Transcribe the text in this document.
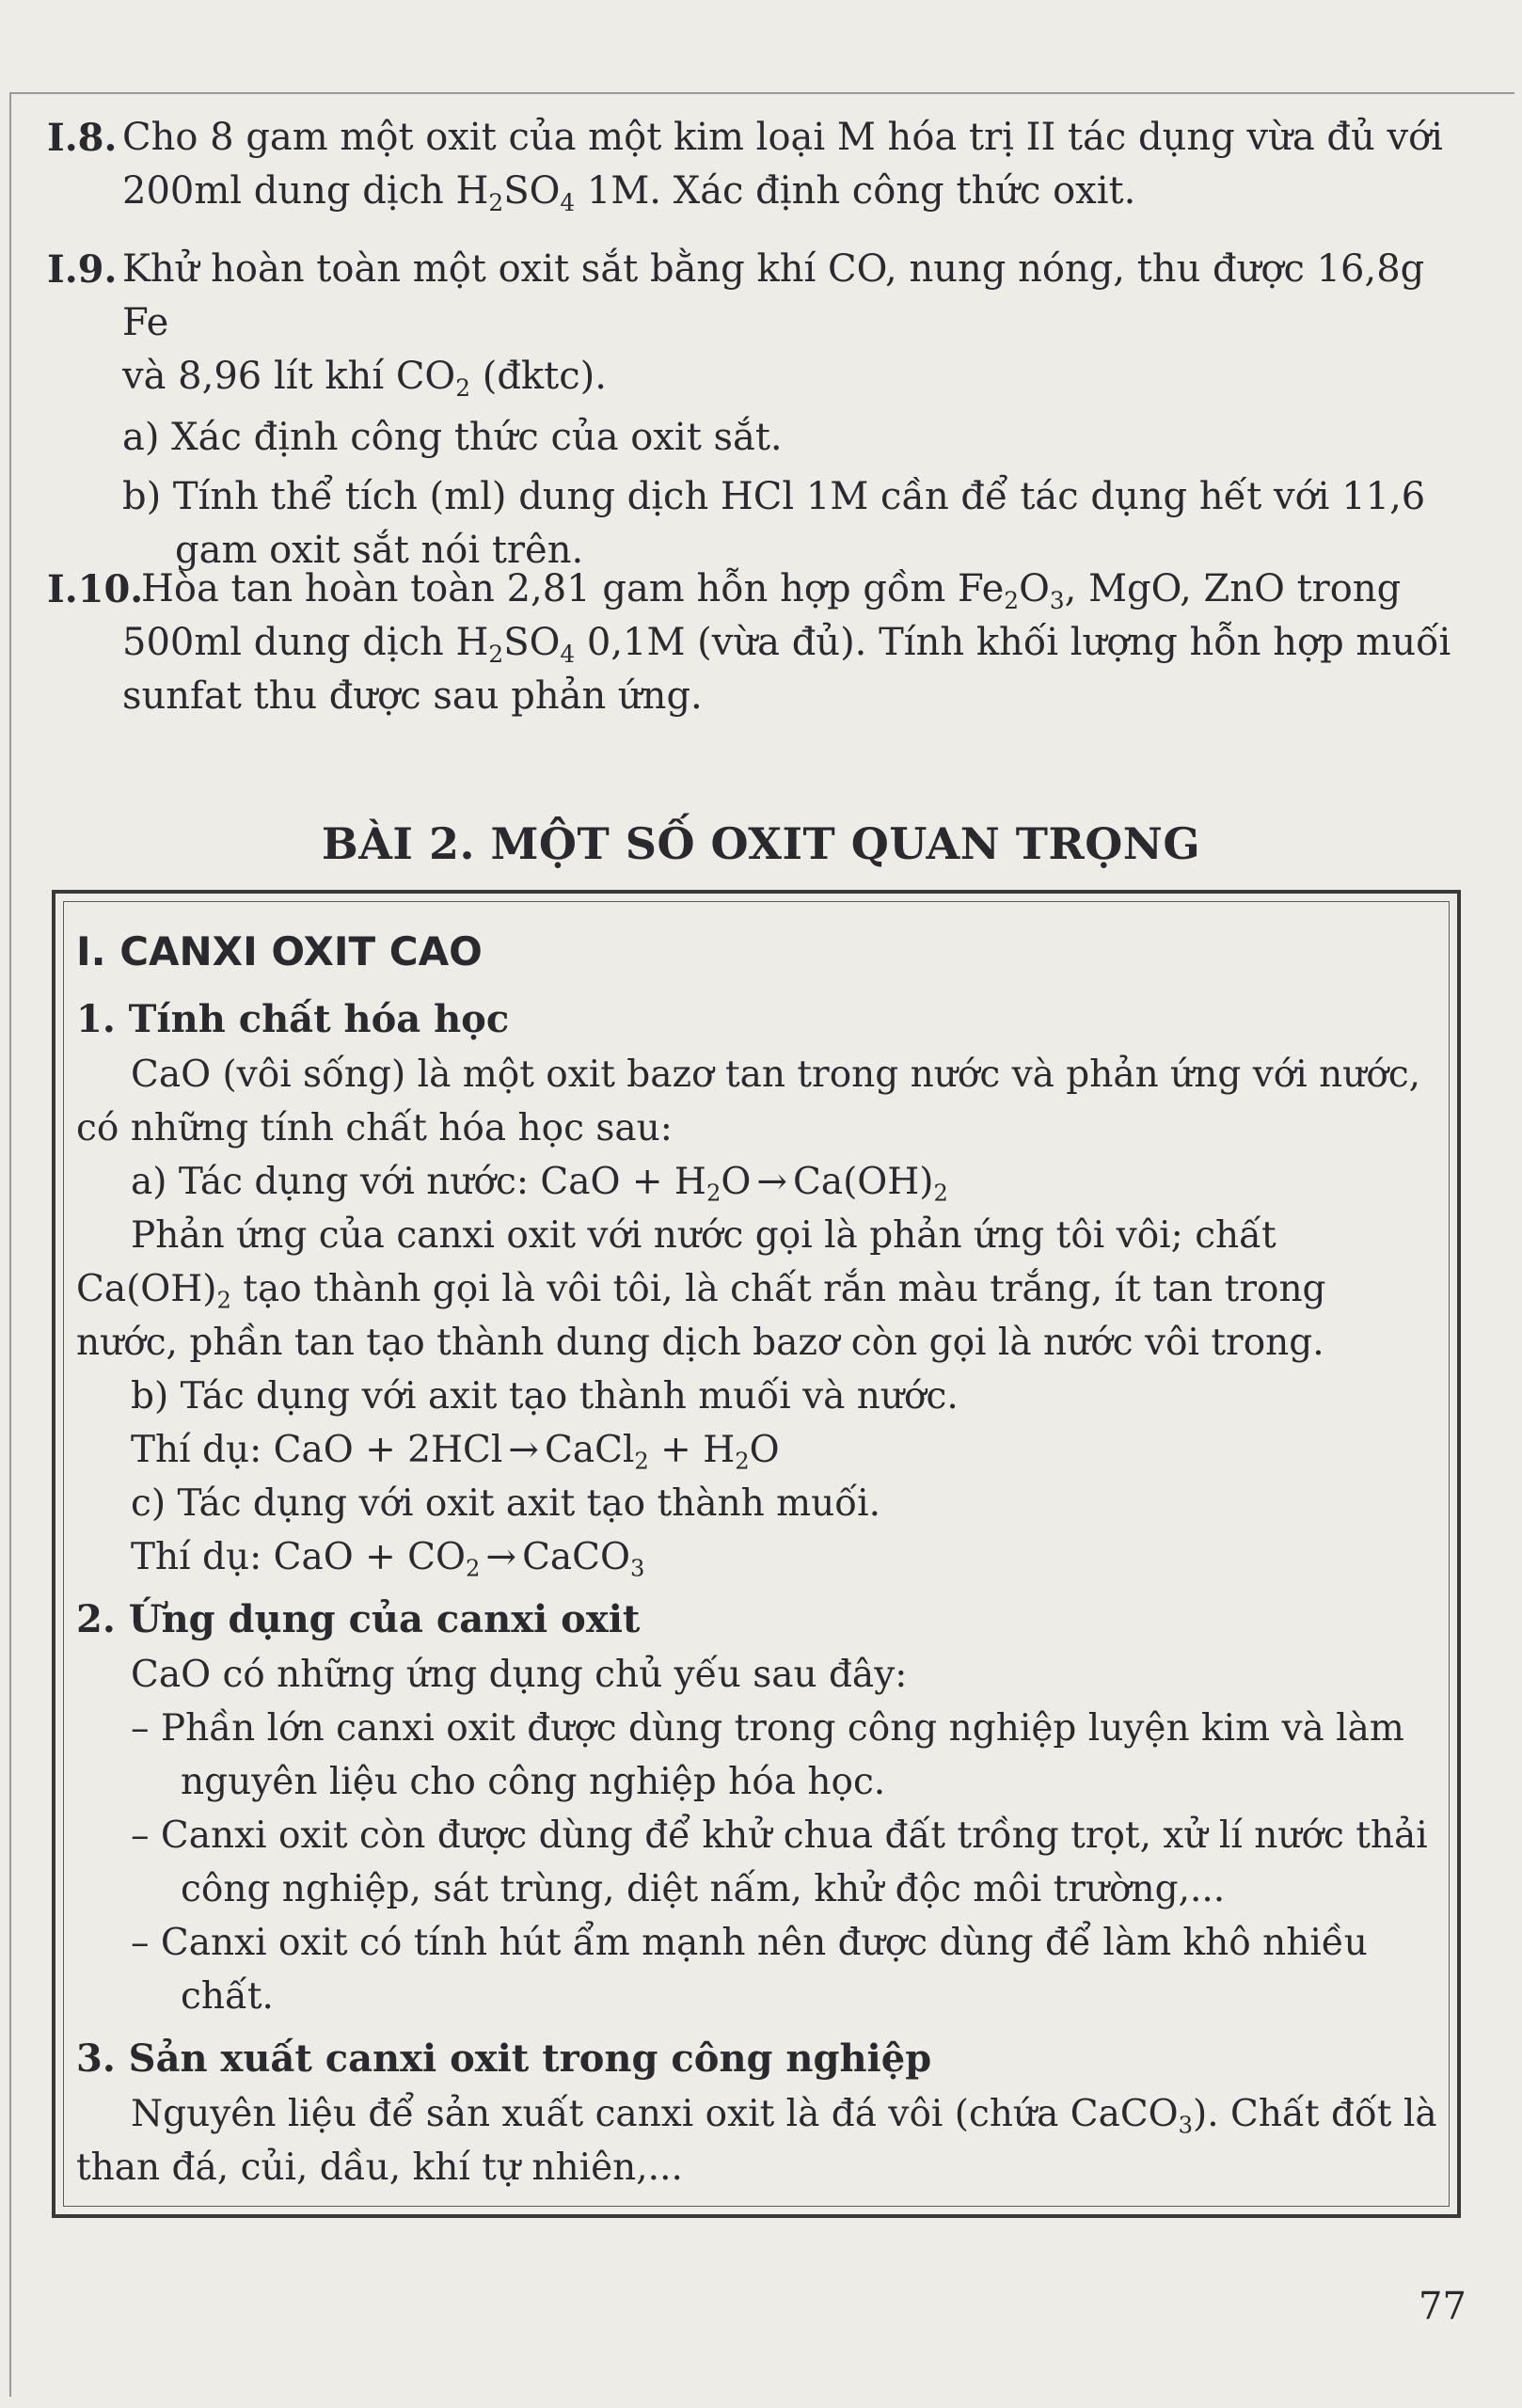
I.8. Cho 8 gam một oxit của một kim loại M hóa trị II tác dụng vừa đủ với
200ml dung dịch $H_2SO_4$ 1M. Xác định công thức oxit.
I.9. Khử hoàn toàn một oxit sắt bằng khí CO, nung nóng, thu được 16,8g Fe
và 8,96 lít khí $CO_2$ (đktc).
a) Xác định công thức của oxit sắt.
b) Tính thể tích (ml) dung dịch HCl 1M cần để tác dụng hết với 11,6 gam oxit sắt nói trên.
I.10.
Hòa tan hoàn toàn 2,81 gam hỗn hợp gồm $Fe_2O_3$, MgO, ZnO trong
500ml dung dịch $H_2SO_4$ 0,1M (vừa đủ). Tính khối lượng hỗn hợp muối
sunfat thu được sau phản ứng.
BÀI 2. MỘT SỐ OXIT QUAN TRỌNG
I. CANXI OXIT CAO
1. Tính chất hóa học
CaO (vôi sống) là một oxit bazơ tan trong nước và phản ứng với nước, có những tính chất hóa học sau:
a) Tác dụng với nước: CaO + $H_2O \to Ca(OH)_2$
Phản ứng của canxi oxit với nước gọi là phản ứng tôi vôi; chất $Ca(OH)_2$ tạo thành gọi là vôi tôi, là chất rắn màu trắng, ít tan trong nước, phần tan tạo thành dung dịch bazơ còn gọi là nước vôi trong.
b) Tác dụng với axit tạo thành muối và nước.
Thí dụ: CaO + 2HCl → CaCl$_2$ + $H_2O$
c) Tác dụng với oxit axit tạo thành muối.
Thí dụ: CaO + $CO_2$ → CaCO$_3$
2. Ứng dụng của canxi oxit
CaO có những ứng dụng chủ yếu sau đây:
– Phần lớn canxi oxit được dùng trong công nghiệp luyện kim và làm nguyên liệu cho công nghiệp hóa học.
– Canxi oxit còn được dùng để khử chua đất trồng trọt, xử lí nước thải công nghiệp, sát trùng, diệt nấm, khử độc môi trường,...
– Canxi oxit có tính hút ẩm mạnh nên được dùng để làm khô nhiều chất.
3. Sản xuất canxi oxit trong công nghiệp
Nguyên liệu để sản xuất canxi oxit là đá vôi (chứa CaCO$_3$). Chất đốt là than đá, củi, dầu, khí tự nhiên,...
77
